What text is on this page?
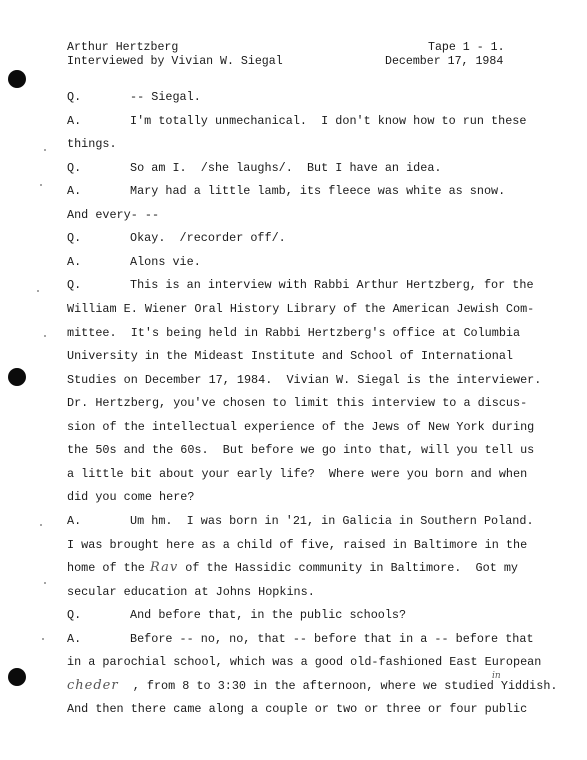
Arthur Hertzberg
Interviewed by Vivian W. Siegal
Tape 1 - 1.
December 17, 1984
Q.	-- Siegal.
A.	I'm totally unmechanical.  I don't know how to run these
things.
Q.	So am I.  /she laughs/.  But I have an idea.
A.	Mary had a little lamb, its fleece was white as snow.
And every- --
Q.	Okay.  /recorder off/.
A.	Alons vie.
Q.	This is an interview with Rabbi Arthur Hertzberg, for the
William E. Wiener Oral History Library of the American Jewish Com-
mittee.  It's being held in Rabbi Hertzberg's office at Columbia
University in the Mideast Institute and School of International
Studies on December 17, 1984.  Vivian W. Siegal is the interviewer.
Dr. Hertzberg, you've chosen to limit this interview to a discus-
sion of the intellectual experience of the Jews of New York during
the 50s and the 60s.  But before we go into that, will you tell us
a little bit about your early life?  Where were you born and when
did you come here?
A.	Um hm.  I was born in '21, in Galicia in Southern Poland.
I was brought here as a child of five, raised in Baltimore in the
home of the Rav of the Hassidic community in Baltimore.  Got my
secular education at Johns Hopkins.
Q.	And before that, in the public schools?
A.	Before -- no, no, that -- before that in a -- before that
in a parochial school, which was a good old-fashioned East European
cheder  , from 8 to 3:30 in the afternoon, where we studied Yiddish.
And then there came along a couple or two or three or four public
in
